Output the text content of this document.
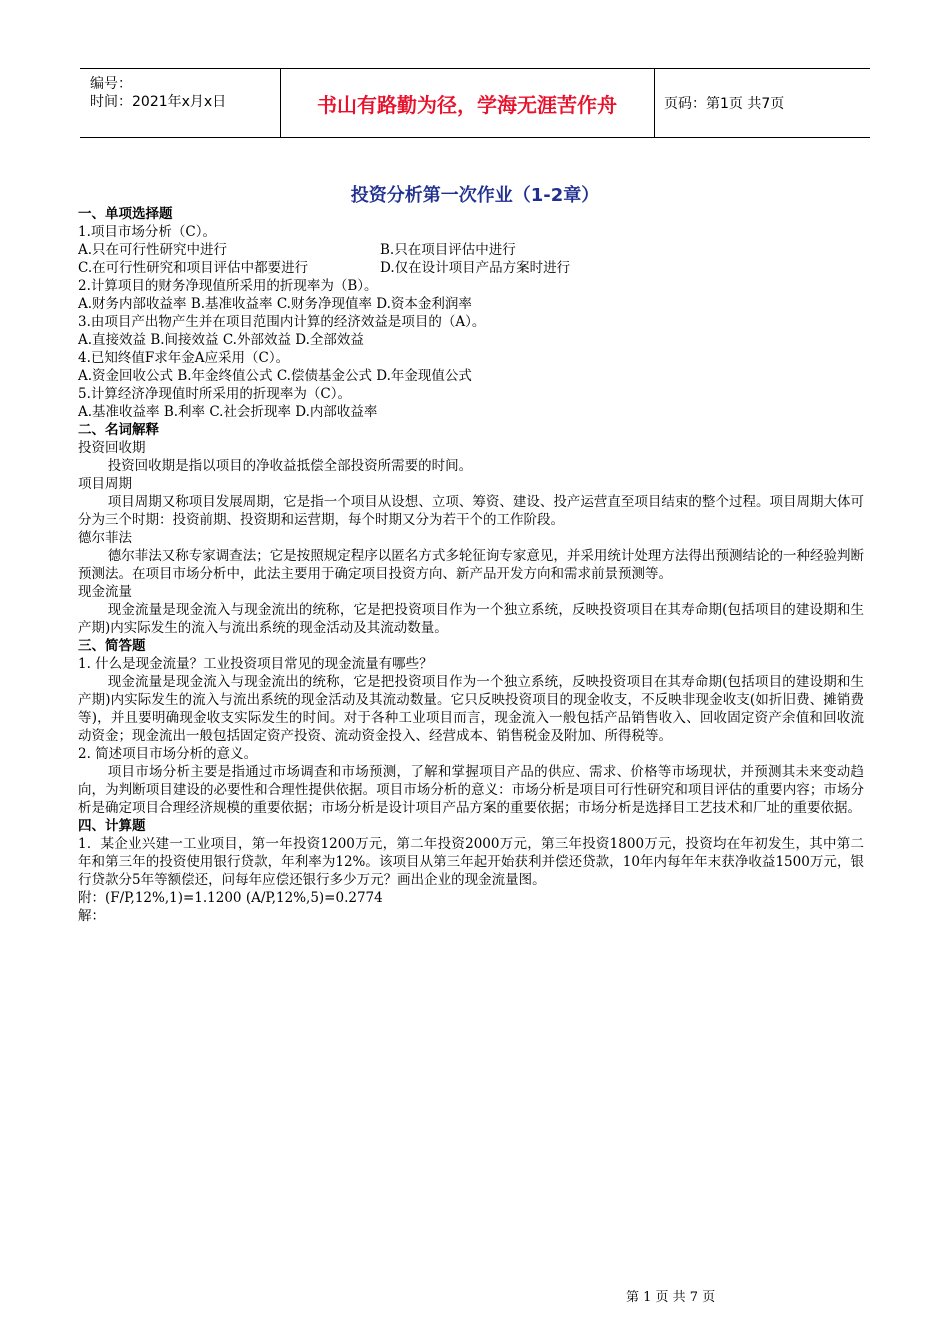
编号：
时间：2021年x月x日	书山有路勤为径，学海无涯苦作舟	页码：第1页 共7页
投资分析第一次作业（1-2章）

一、单项选择题

1.项目市场分析（C）。

A.只在可行性研究中进行	B.只在项目评估中进行

C.在可行性研究和项目评估中都要进行	D.仅在设计项目产品方案时进行

2.计算项目的财务净现值所采用的折现率为（B）。

A.财务内部收益率 B.基准收益率 C.财务净现值率 D.资本金利润率

3.由项目产出物产生并在项目范围内计算的经济效益是项目的（A）。

A.直接效益 B.间接效益 C.外部效益 D.全部效益

4.已知终值F求年金A应采用（C）。

A.资金回收公式 B.年金终值公式 C.偿债基金公式 D.年金现值公式

5.计算经济净现值时所采用的折现率为（C）。

A.基准收益率 B.利率 C.社会折现率 D.内部收益率

二、名词解释

投资回收期

投资回收期是指以项目的净收益抵偿全部投资所需要的时间。

项目周期

项目周期又称项目发展周期，它是指一个项目从设想、立项、筹资、建设、投产运营直至项目结束的整个过程。项目周期大体可分为三个时期：投资前期、投资期和运营期，每个时期又分为若干个的工作阶段。

德尔菲法

德尔菲法又称专家调查法；它是按照规定程序以匿名方式多轮征询专家意见，并采用统计处理方法得出预测结论的一种经验判断预测法。在项目市场分析中，此法主要用于确定项目投资方向、新产品开发方向和需求前景预测等。

现金流量

现金流量是现金流入与现金流出的统称，它是把投资项目作为一个独立系统，反映投资项目在其寿命期(包括项目的建设期和生产期)内实际发生的流入与流出系统的现金活动及其流动数量。

三、简答题

1. 什么是现金流量？工业投资项目常见的现金流量有哪些？

现金流量是现金流入与现金流出的统称，它是把投资项目作为一个独立系统，反映投资项目在其寿命期(包括项目的建设期和生产期)内实际发生的流入与流出系统的现金活动及其流动数量。它只反映投资项目的现金收支，不反映非现金收支(如折旧费、摊销费等)，并且要明确现金收支实际发生的时间。对于各种工业项目而言，现金流入一般包括产品销售收入、回收固定资产余值和回收流动资金；现金流出一般包括固定资产投资、流动资金投入、经营成本、销售税金及附加、所得税等。

2. 简述项目市场分析的意义。

项目市场分析主要是指通过市场调查和市场预测，了解和掌握项目产品的供应、需求、价格等市场现状，并预测其未来变动趋向，为判断项目建设的必要性和合理性提供依据。项目市场分析的意义：市场分析是项目可行性研究和项目评估的重要内容；市场分析是确定项目合理经济规模的重要依据；市场分析是设计项目产品方案的重要依据；市场分析是选择目工艺技术和厂址的重要依据。

四、计算题

1．某企业兴建一工业项目，第一年投资1200万元，第二年投资2000万元，第三年投资1800万元，投资均在年初发生，其中第二年和第三年的投资使用银行贷款，年利率为12%。该项目从第三年起开始获利并偿还贷款，10年内每年年末获净收益1500万元，银行贷款分5年等额偿还，问每年应偿还银行多少万元？画出企业的现金流量图。

附：(F/P,12%,1)=1.1200 (A/P,12%,5)=0.2774

解：

第 1 页 共 7 页
